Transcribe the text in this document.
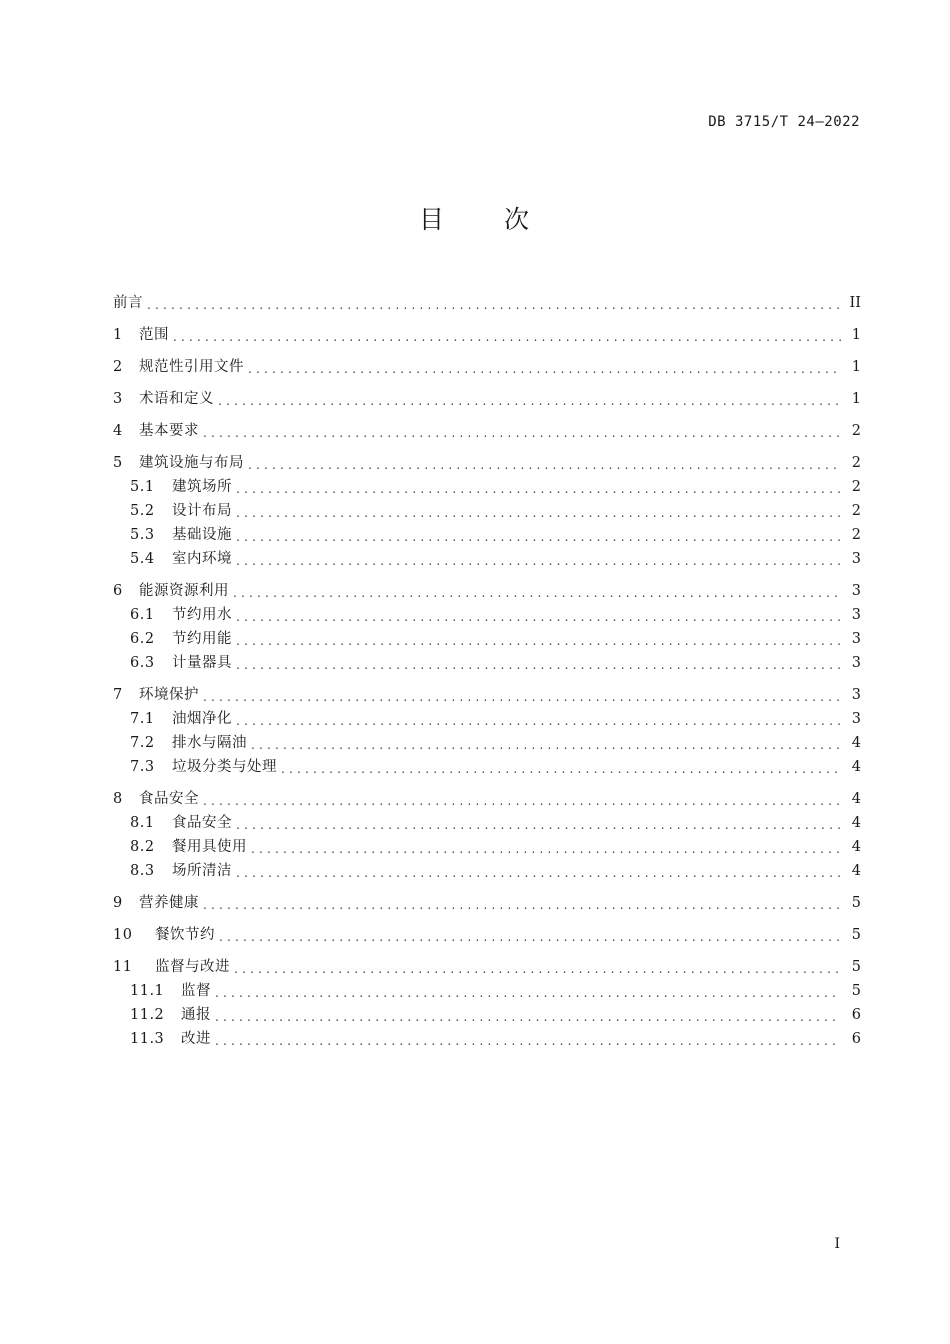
DB 3715/T 24—2022
目 次
前言 .....	II
1 范围 .....	1
2 规范性引用文件 .....	1
3 术语和定义 .....	1
4 基本要求 .....	2
5 建筑设施与布局 .....	2
5.1 建筑场所 .....	2
5.2 设计布局 .....	2
5.3 基础设施 .....	2
5.4 室内环境 .....	3
6 能源资源利用 .....	3
6.1 节约用水 .....	3
6.2 节约用能 .....	3
6.3 计量器具 .....	3
7 环境保护 .....	3
7.1 油烟净化 .....	3
7.2 排水与隔油 .....	4
7.3 垃圾分类与处理 .....	4
8 食品安全 .....	4
8.1 食品安全 .....	4
8.2 餐用具使用 .....	4
8.3 场所清洁 .....	4
9 营养健康 .....	5
10	餐饮节约 .....	5
11	监督与改进 .....	5
11.1 监督 .....	5
11.2 通报 .....	6
11.3 改进 .....	6
I
